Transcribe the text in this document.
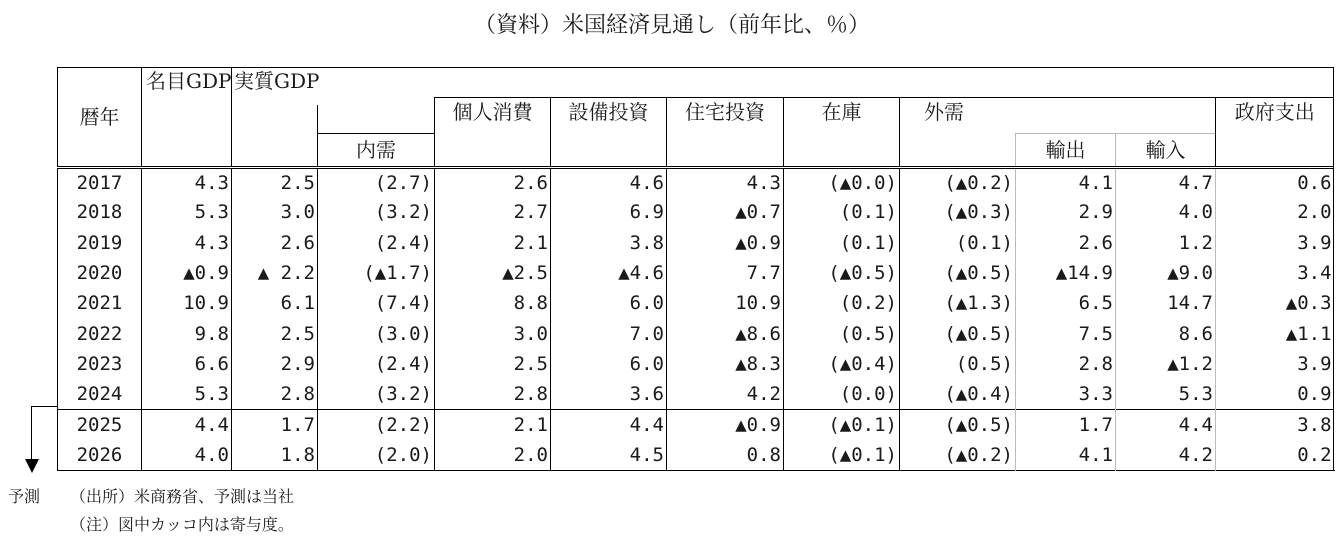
（資料）米国経済見通し（前年比、％）
暦年	名目GDP	実質GDP										
				個人消費	設備投資	住宅投資	在庫	外需			政府支出	

			内需						輸出	輸入		
2017	4.3	2.5	(2.7)	2.6	4.6	4.3	(▲0.0)	(▲0.2)	4.1	4.7	0.6	
2018	5.3	3.0	(3.2)	2.7	6.9	▲0.7	(0.1)	(▲0.3)	2.9	4.0	2.0	
2019	4.3	2.6	(2.4)	2.1	3.8	▲0.9	(0.1)	(0.1)	2.6	1.2	3.9	
2020	▲0.9	▲ 2.2	(▲1.7)	▲2.5	▲4.6	7.7	(▲0.5)	(▲0.5)	▲14.9	▲9.0	3.4	
2021	10.9	6.1	(7.4)	8.8	6.0	10.9	(0.2)	(▲1.3)	6.5	14.7	▲0.3	
2022	9.8	2.5	(3.0)	3.0	7.0	▲8.6	(0.5)	(▲0.5)	7.5	8.6	▲1.1	
2023	6.6	2.9	(2.4)	2.5	6.0	▲8.3	(▲0.4)	(0.5)	2.8	▲1.2	3.9	
2024	5.3	2.8	(3.2)	2.8	3.6	4.2	(0.0)	(▲0.4)	3.3	5.3	0.9	
2025	4.4	1.7	(2.2)	2.1	4.4	▲0.9	(▲0.1)	(▲0.5)	1.7	4.4	3.8	
2026	4.0	1.8	(2.0)	2.0	4.5	0.8	(▲0.1)	(▲0.2)	4.1	4.2	0.2	
予測 （出所）米商務省、予測は当社
（注）図中カッコ内は寄与度。
